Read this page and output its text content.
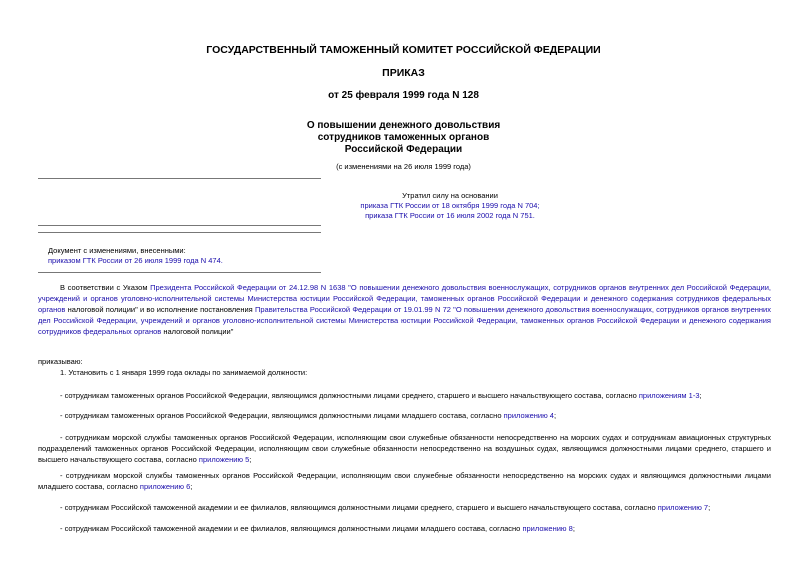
ГОСУДАРСТВЕННЫЙ ТАМОЖЕННЫЙ КОМИТЕТ РОССИЙСКОЙ ФЕДЕРАЦИИ
ПРИКАЗ
от 25 февраля 1999 года N 128
О повышении денежного довольствия
сотрудников таможенных органов
Российской Федерации
(с изменениями на 26 июля 1999 года)
Утратил силу на основании
приказа ГТК России от 18 октября 1999 года N 704;
приказа ГТК России от 16 июля 2002 года N 751.
Документ с изменениями, внесенными:
приказом ГТК России от 26 июля 1999 года N 474.
В соответствии с Указом Президента Российской Федерации от 24.12.98 N 1638 "О повышении денежного довольствия военнослужащих, сотрудников органов внутренних дел Российской Федерации, учреждений и органов уголовно-исполнительной системы Министерства юстиции Российской Федерации, таможенных органов Российской Федерации и денежного содержания сотрудников федеральных органов налоговой полиции" и во исполнение постановления Правительства Российской Федерации от 19.01.99 N 72 "О повышении денежного довольствия военнослужащих, сотрудников органов внутренних дел Российской Федерации, учреждений и органов уголовно-исполнительной системы Министерства юстиции Российской Федерации, таможенных органов Российской Федерации и денежного содержания сотрудников федеральных органов налоговой полиции"
приказываю:
1. Установить с 1 января 1999 года оклады по занимаемой должности:
- сотрудникам таможенных органов Российской Федерации, являющимся должностными лицами среднего, старшего и высшего начальствующего состава, согласно приложениям 1-3;
- сотрудникам таможенных органов Российской Федерации, являющимся должностными лицами младшего состава, согласно приложению 4;
- сотрудникам морской службы таможенных органов Российской Федерации, исполняющим свои служебные обязанности непосредственно на морских судах и сотрудникам авиационных структурных подразделений таможенных органов Российской Федерации, исполняющим свои служебные обязанности непосредственно на воздушных судах, являющимся должностными лицами среднего, старшего и высшего начальствующего состава, согласно приложению 5;
- сотрудникам морской службы таможенных органов Российской Федерации, исполняющим свои служебные обязанности непосредственно на морских судах и являющимся должностными лицами младшего состава, согласно приложению 6;
- сотрудникам Российской таможенной академии и ее филиалов, являющимся должностными лицами среднего, старшего и высшего начальствующего состава, согласно приложению 7;
- сотрудникам Российской таможенной академии и ее филиалов, являющимся должностными лицами младшего состава, согласно приложению 8;
